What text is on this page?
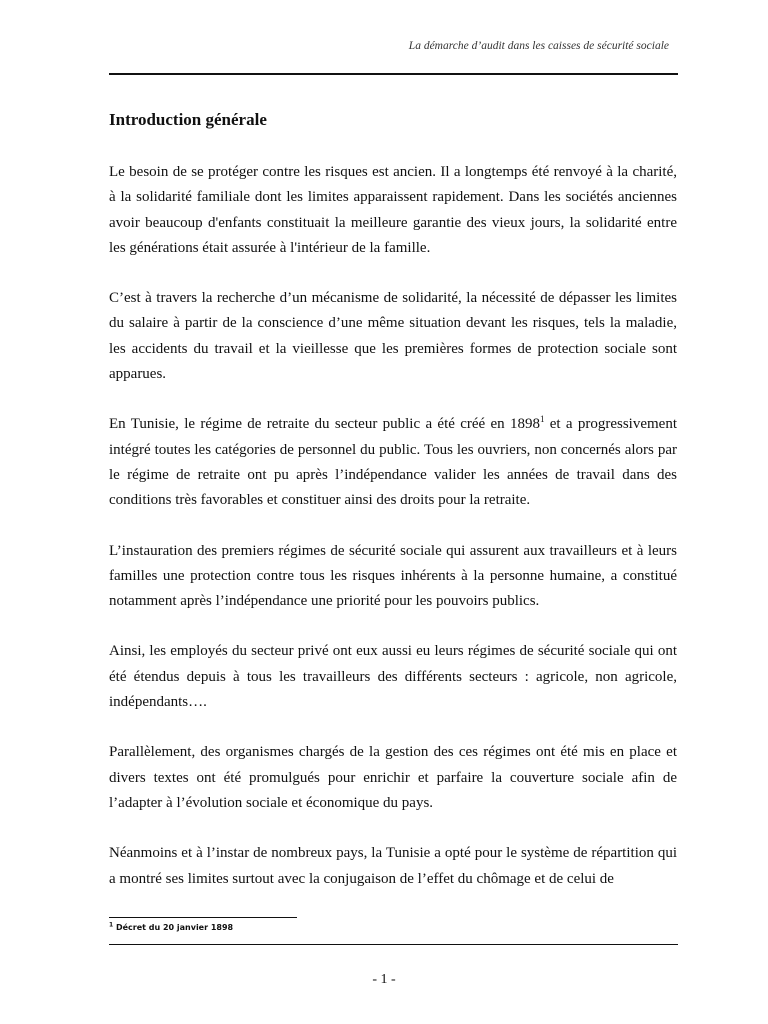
La démarche d’audit dans les caisses de sécurité sociale
Introduction générale

Le besoin de se protéger contre les risques est ancien. Il a longtemps été renvoyé à la charité, à la solidarité familiale dont les limites apparaissent rapidement. Dans les sociétés anciennes avoir beaucoup d'enfants constituait la meilleure garantie des vieux jours, la solidarité entre les générations était assurée à l'intérieur de la famille.

C’est à travers la recherche d’un mécanisme de solidarité, la nécessité de dépasser les limites du salaire à partir de la conscience d’une même situation devant les risques, tels la maladie, les accidents du travail et la vieillesse que les premières formes de protection sociale sont apparues.

En Tunisie, le régime de retraite du secteur public a été créé en 1898$^1$ et a progressivement intégré toutes les catégories de personnel du public. Tous les ouvriers, non concernés alors par le régime de retraite ont pu après l’indépendance valider les années de travail dans des conditions très favorables et constituer ainsi des droits pour la retraite.

L’instauration des premiers régimes de sécurité sociale qui assurent aux travailleurs et à leurs familles une protection contre tous les risques inhérents à la personne humaine, a constitué notamment après l’indépendance une priorité pour les pouvoirs publics.

Ainsi, les employés du secteur privé ont eux aussi eu leurs régimes de sécurité sociale qui ont été étendus depuis à tous les travailleurs des différents secteurs : agricole, non agricole, indépendants….

Parallèlement, des organismes chargés de la gestion des ces régimes ont été mis en place et divers textes ont été promulgués pour enrichir et parfaire la couverture sociale afin de l’adapter à l’évolution sociale et économique du pays.

Néanmoins et à l’instar de nombreux pays, la Tunisie a opté pour le système de répartition qui a montré ses limites surtout avec la conjugaison de l’effet du chômage et de celui de

$^1$ Décret du 20 janvier 1898
- 1 -
